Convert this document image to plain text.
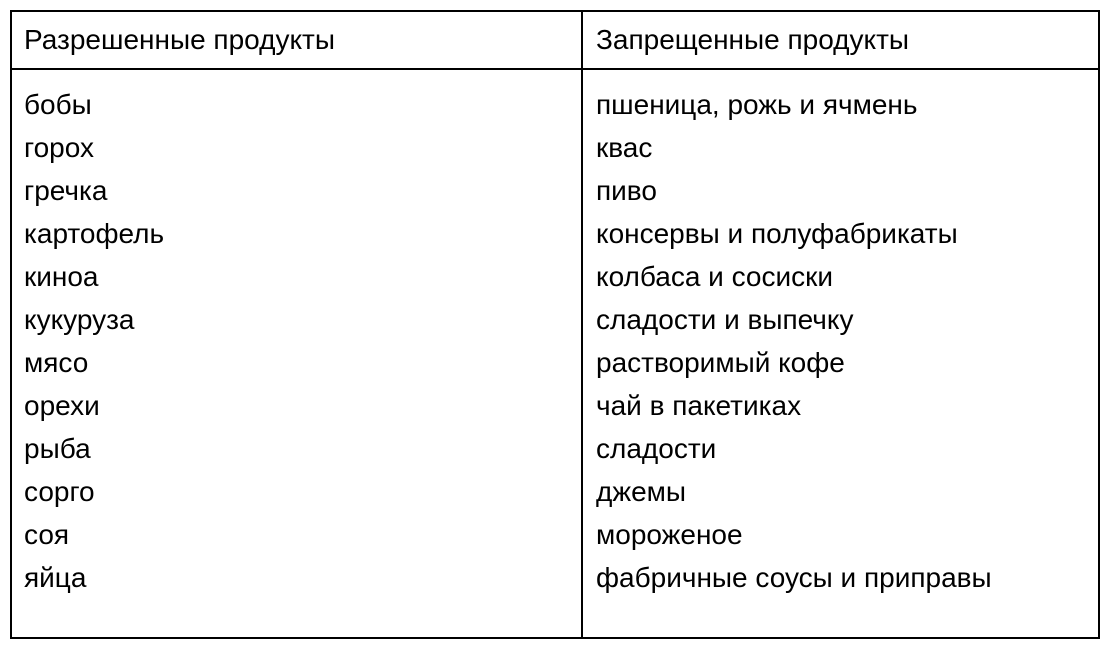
Разрешенные продукты	Запрещенные продукты
бобы
горох
гречка
картофель
киноа
кукуруза
мясо
орехи
рыба
сорго
соя
яйца
пшеница, рожь и ячмень
квас
пиво
консервы и полуфабрикаты
колбаса и сосиски
сладости и выпечку
растворимый кофе
чай в пакетиках
сладости
джемы
мороженое
фабричные соусы и приправы
